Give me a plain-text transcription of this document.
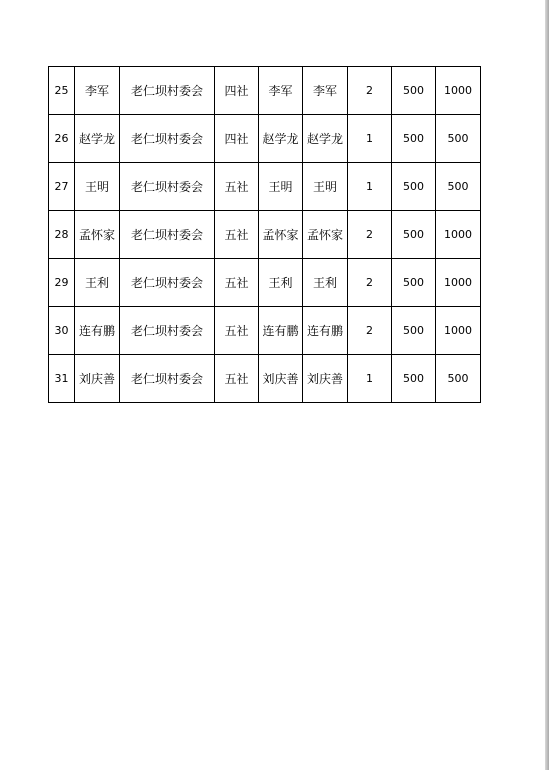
25	李军	老仁坝村委会	四社	李军	李军	2	500	1000
26	赵学龙	老仁坝村委会	四社	赵学龙	赵学龙	1	500	500
27	王明	老仁坝村委会	五社	王明	王明	1	500	500
28	孟怀家	老仁坝村委会	五社	孟怀家	孟怀家	2	500	1000
29	王利	老仁坝村委会	五社	王利	王利	2	500	1000
30	连有鹏	老仁坝村委会	五社	连有鹏	连有鹏	2	500	1000
31	刘庆善	老仁坝村委会	五社	刘庆善	刘庆善	1	500	500
